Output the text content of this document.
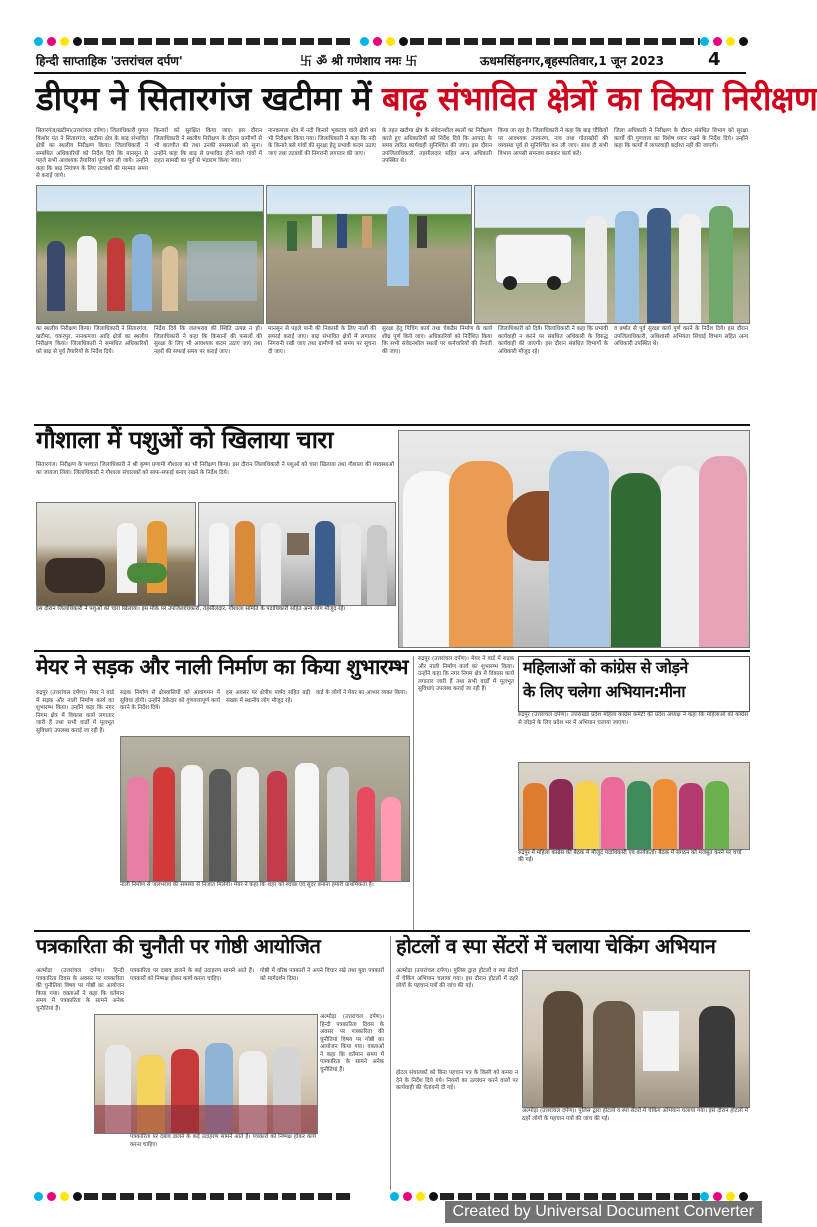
हिन्दी साप्ताहिक 'उत्तरांचल दर्पण'	卐 ॐ श्री गणेशाय नमः 卐	ऊधमसिंहनगर,बृहस्पतिवार,1 जून 2023 4
डीएम ने सितारगंज खटीमा में बाढ़ संभावित क्षेत्रों का किया निरीक्षण
सितारगंज/खटीमा(उत्तरांचल दर्पण)। जिलाधिकारी युगल किशोर पंत ने सितारगंज, खटीमा क्षेत्र के बाढ़ संभावित क्षेत्रों का स्थलीय निरीक्षण किया। जिलाधिकारी ने सम्बंधित अधिकारियों को निर्देश दिये कि मानसून से पहले सभी आवश्यक तैयारियां पूर्ण कर ली जाये। उन्होंने कहा कि बाढ़ नियंत्रण के लिए तटबंधों की मरम्मत समय से कराई जाये।
किनारों को सुरक्षित किया जाए। इस दौरान जिलाधिकारी ने स्थलीय निरीक्षण के दौरान ग्रामीणों से भी बातचीत की तथा उनकी समस्याओं को सुना। उन्होंने कहा कि बाढ़ से प्रभावित होने वाले गांवों में राहत सामग्री का पूर्व से भंडारण किया जाए।
नानकमत्ता क्षेत्र में नदी किनारे भूकटाव वाले क्षेत्रों का भी निरीक्षण किया गया। जिलाधिकारी ने कहा कि नदी के किनारे बसे गांवों की सुरक्षा हेतु प्रभावी कदम उठाए जाएं तथा तटबंधों की निगरानी लगातार की जाए।
के तहत खटीमा क्षेत्र के संवेदनशील स्थलों का निरीक्षण करते हुए अधिकारियों को निर्देश दिये कि आपदा के समय त्वरित कार्यवाही सुनिश्चित की जाए। इस दौरान उपजिलाधिकारी, तहसीलदार सहित अन्य अधिकारी उपस्थित थे।
किया जा रहा है। जिलाधिकारी ने कहा कि बाढ़ चौकियों पर आवश्यक उपकरण, नाव तथा गोताखोरों की व्यवस्था पूर्व से सुनिश्चित कर ली जाए। साथ ही सभी विभाग आपसी समन्वय बनाकर कार्य करें।
जिला अधिकारी ने निरीक्षण के दौरान संबंधित विभाग को सुरक्षा कार्यों की गुणवत्ता का विशेष ध्यान रखने के निर्देश दिये। उन्होंने कहा कि कार्यों में लापरवाही बर्दाश्त नहीं की जाएगी।
का स्थलीय निरीक्षण किया। जिलाधिकारी ने सितारगंज, खटीमा, चकरपुर, नानकमत्ता आदि क्षेत्रों का स्थलीय निरीक्षण किया। जिलाधिकारी ने सम्बंधित अधिकारियों को बाढ़ से पूर्व तैयारियों के निर्देश दिये।
निर्देश दिये कि जलभराव की स्थिति उत्पन्न न हो। जिलाधिकारी ने कहा कि किसानों की फसलों की सुरक्षा के लिए भी आवश्यक कदम उठाए जाएं तथा नहरों की सफाई समय पर कराई जाए।
मानसून से पहले पानी की निकासी के लिए नालों की सफाई कराई जाए। बाढ़ संभावित क्षेत्रों में लगातार निगरानी रखी जाए तथा ग्रामीणों को समय पर सूचना दी जाए।
सुरक्षा हेतु पिचिंग कार्य तथा चेकडैम निर्माण के कार्य शीघ्र पूर्ण किये जाएं। अधिकारियों को निर्देशित किया कि सभी संवेदनशील स्थलों पर कर्मचारियों की तैनाती की जाए।
जिलाधिकारी को दिये। जिलाधिकारी ने कहा कि प्रभावी कार्यवाही न करने पर संबंधित अधिकारी के विरुद्ध कार्यवाही की जाएगी। इस दौरान संबंधित विभागों के अधिकारी मौजूद रहे।
व बर्षात से पूर्व सुरक्षा कार्य पूर्ण करने के निर्देश दिये। इस दौरान उपजिलाधिकारी, अधिशासी अभियंता सिंचाई विभाग सहित अन्य अधिकारी उपस्थित थे।
गौशाला में पशुओं को खिलाया चारा
सितारगंज। निरीक्षण के पश्चात जिलाधिकारी ने श्री कृष्ण प्रणामी गौशाला का भी निरीक्षण किया। इस दौरान जिलाधिकारी ने पशुओं को चारा खिलाया तथा गौशाला की व्यवस्थाओं का जायजा लिया। जिलाधिकारी ने गौशाला संचालकों को साफ-सफाई बनाए रखने के निर्देश दिये।
इस दौरान जिलाधिकारी ने पशुओं को चारा खिलाया। इस मौके पर उपजिलाधिकारी, तहसीलदार, गौशाला समिति के पदाधिकारी सहित अन्य लोग मौजूद रहे।
मेयर ने सड़क और नाली निर्माण का किया शुभारम्भ
रुद्रपुर (उत्तरांचल दर्पण)। मेयर ने वार्ड में सड़क और नाली निर्माण कार्य का शुभारम्भ किया। उन्होंने कहा कि नगर निगम क्षेत्र में विकास कार्य लगातार जारी हैं तथा सभी वार्डों में मूलभूत सुविधाएं उपलब्ध कराई जा रही हैं।
सड़क निर्माण से क्षेत्रवासियों को आवागमन में सुविधा होगी। उन्होंने ठेकेदार को गुणवत्तापूर्ण कार्य करने के निर्देश दिये।
इस अवसर पर क्षेत्रीय पार्षद सहित बड़ी संख्या में स्थानीय लोग मौजूद रहे।
वार्ड के लोगों ने मेयर का आभार व्यक्त किया।
नाली निर्माण से जलभराव की समस्या से निजात मिलेगी। मेयर ने कहा कि शहर को स्वच्छ एवं सुंदर बनाना हमारी प्राथमिकता है।
महिलाओं को कांग्रेस से जोड़ने
के लिए चलेगा अभियान:मीना
रुद्रपुर (उत्तरांचल दर्पण)। मेयर ने वार्ड में सड़क और नाली निर्माण कार्य का शुभारम्भ किया। उन्होंने कहा कि नगर निगम क्षेत्र में विकास कार्य लगातार जारी हैं तथा सभी वार्डों में मूलभूत सुविधाएं उपलब्ध कराई जा रही हैं।
रुद्रपुर (उत्तरांचल दर्पण)। उत्तराखंड प्रदेश महिला कांग्रेस कमेटी की प्रदेश अध्यक्ष ने कहा कि महिलाओं को कांग्रेस से जोड़ने के लिए प्रदेश भर में अभियान चलाया जाएगा।
रुद्रपुर में महिला कांग्रेस की बैठक में मौजूद पदाधिकारी एवं कार्यकर्ता। बैठक में संगठन को मजबूत करने पर चर्चा की गई।
पत्रकारिता की चुनौती पर गोष्ठी आयोजित
अल्मोड़ा (उत्तरांचल दर्पण)। हिन्दी पत्रकारिता दिवस के अवसर पर पत्रकारिता की चुनौतियां विषय पर गोष्ठी का आयोजन किया गया। वक्ताओं ने कहा कि वर्तमान समय में पत्रकारिता के सामने अनेक चुनौतियां हैं।
पत्रकारिता पर दबाव डालने के कई उदाहरण सामने आते हैं। पत्रकारों को निष्पक्ष होकर कार्य करना चाहिए।
गोष्ठी में वरिष्ठ पत्रकारों ने अपने विचार रखे तथा युवा पत्रकारों को मार्गदर्शन दिया।
अल्मोड़ा (उत्तरांचल दर्पण)। हिन्दी पत्रकारिता दिवस के अवसर पर पत्रकारिता की चुनौतियां विषय पर गोष्ठी का आयोजन किया गया। वक्ताओं ने कहा कि वर्तमान समय में पत्रकारिता के सामने अनेक चुनौतियां हैं।
पत्रकारिता पर दबाव डालने के कई उदाहरण सामने आते हैं। पत्रकारों को निष्पक्ष होकर कार्य करना चाहिए।
होटलों व स्पा सेंटरों में चलाया चेकिंग अभियान
अल्मोड़ा (उत्तरांचल दर्पण)। पुलिस द्वारा होटलों व स्पा सेंटरों में चेकिंग अभियान चलाया गया। इस दौरान होटलों में ठहरे लोगों के पहचान पत्रों की जांच की गई।
होटल संचालकों को बिना पहचान पत्र के किसी को कमरा न देने के निर्देश दिये गये। नियमों का उल्लंघन करने वालों पर कार्यवाही की चेतावनी दी गई।
अल्मोड़ा (उत्तरांचल दर्पण)। पुलिस द्वारा होटलों व स्पा सेंटरों में चेकिंग अभियान चलाया गया। इस दौरान होटलों में ठहरे लोगों के पहचान पत्रों की जांच की गई।
Created by Universal Document Converter
